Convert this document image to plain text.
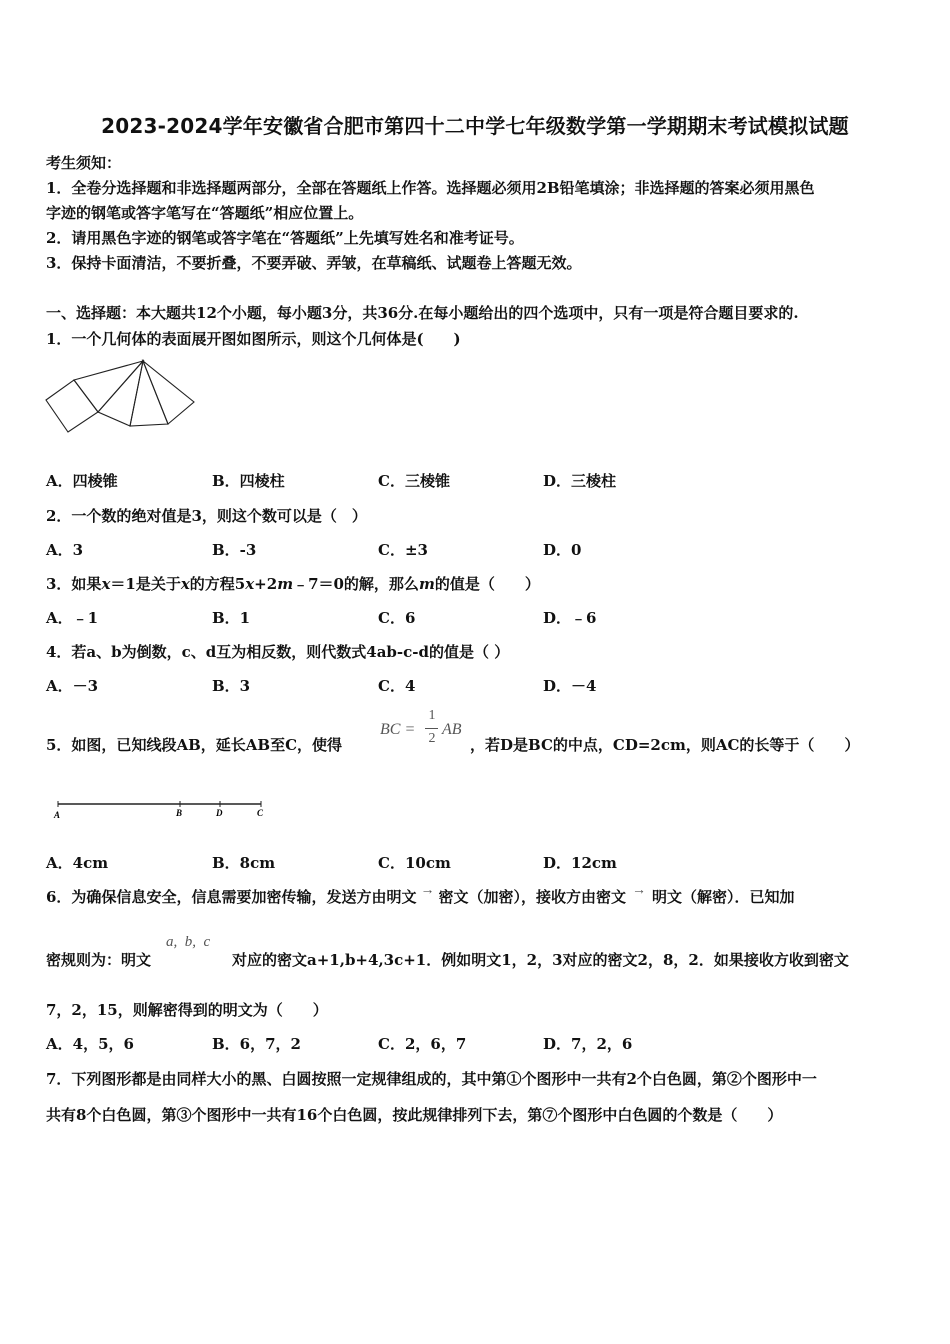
2023-2024学年安徽省合肥市第四十二中学七年级数学第一学期期末考试模拟试题
考生须知：
1．全卷分选择题和非选择题两部分，全部在答题纸上作答。选择题必须用2B铅笔填涂；非选择题的答案必须用黑色
字迹的钢笔或答字笔写在“答题纸”相应位置上。
2．请用黑色字迹的钢笔或答字笔在“答题纸”上先填写姓名和准考证号。
3．保持卡面清洁，不要折叠，不要弄破、弄皱，在草稿纸、试题卷上答题无效。
一、选择题：本大题共12个小题，每小题3分，共36分.在每小题给出的四个选项中，只有一项是符合题目要求的.
1．一个几何体的表面展开图如图所示，则这个几何体是(　　)
A．四棱锥	B．四棱柱	C．三棱锥	D．三棱柱
2．一个数的绝对值是3，则这个数可以是（　）
A．3	B．-3	C．±3	D．0
3．如果x＝1是关于x的方程5x+2m﹣7＝0的解，那么m的值是（　　）
A．﹣1	B．1	C．6	D．﹣6
4．若a、b为倒数，c、d互为相反数，则代数式4ab-c-d的值是（ ）
A．－3	B．3	C．4	D．－4
5．如图，已知线段AB，延长AB至C，使得
BC =
1
2
AB
，若D是BC的中点，CD=2cm，则AC的长等于（　　）
A	B	D	C
A．4cm	B．8cm	C．10cm	D．12cm
6．为确保信息安全，信息需要加密传输，发送方由明文 → 密文（加密），接收方由密文 → 明文（解密）．已知加
a,  b,  c
密规则为：明文	对应的密文a+1,b+4,3c+1．例如明文1，2，3对应的密文2，8，2．如果接收方收到密文
7，2，15，则解密得到的明文为（　　）
A．4，5，6	B．6，7，2	C．2，6，7	D．7，2，6
7．下列图形都是由同样大小的黑、白圆按照一定规律组成的，其中第①个图形中一共有2个白色圆，第②个图形中一
共有8个白色圆，第③个图形中一共有16个白色圆，按此规律排列下去，第⑦个图形中白色圆的个数是（　　）
